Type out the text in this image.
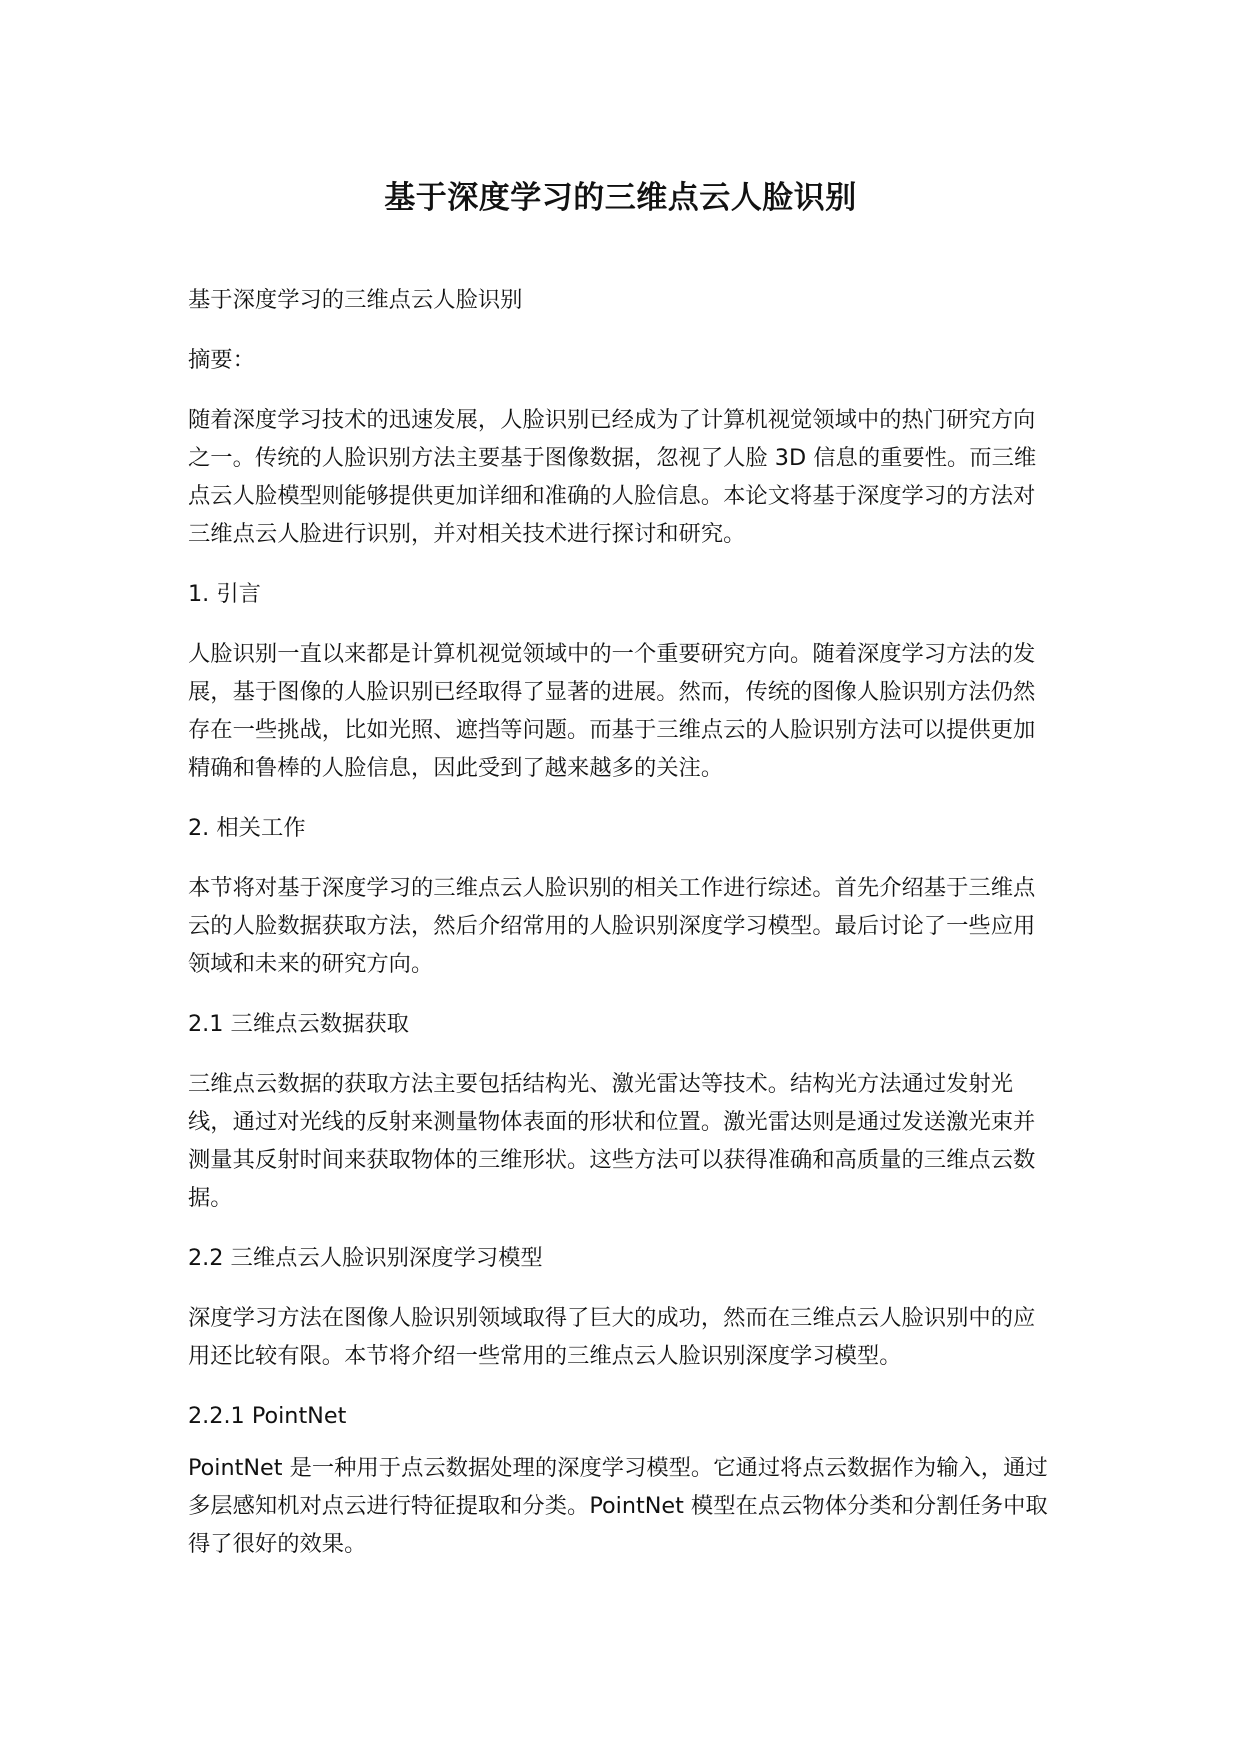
基于深度学习的三维点云人脸识别

基于深度学习的三维点云人脸识别

摘要：

随着深度学习技术的迅速发展，人脸识别已经成为了计算机视觉领域中的热门研究方向之一。传统的人脸识别方法主要基于图像数据，忽视了人脸 3D 信息的重要性。而三维点云人脸模型则能够提供更加详细和准确的人脸信息。本论文将基于深度学习的方法对三维点云人脸进行识别，并对相关技术进行探讨和研究。

1. 引言

人脸识别一直以来都是计算机视觉领域中的一个重要研究方向。随着深度学习方法的发展，基于图像的人脸识别已经取得了显著的进展。然而，传统的图像人脸识别方法仍然存在一些挑战，比如光照、遮挡等问题。而基于三维点云的人脸识别方法可以提供更加精确和鲁棒的人脸信息，因此受到了越来越多的关注。

2. 相关工作

本节将对基于深度学习的三维点云人脸识别的相关工作进行综述。首先介绍基于三维点云的人脸数据获取方法，然后介绍常用的人脸识别深度学习模型。最后讨论了一些应用领域和未来的研究方向。

2.1 三维点云数据获取

三维点云数据的获取方法主要包括结构光、激光雷达等技术。结构光方法通过发射光线，通过对光线的反射来测量物体表面的形状和位置。激光雷达则是通过发送激光束并测量其反射时间来获取物体的三维形状。这些方法可以获得准确和高质量的三维点云数据。

2.2 三维点云人脸识别深度学习模型

深度学习方法在图像人脸识别领域取得了巨大的成功，然而在三维点云人脸识别中的应用还比较有限。本节将介绍一些常用的三维点云人脸识别深度学习模型。

2.2.1 PointNet

PointNet 是一种用于点云数据处理的深度学习模型。它通过将点云数据作为输入，通过多层感知机对点云进行特征提取和分类。PointNet 模型在点云物体分类和分割任务中取得了很好的效果。
